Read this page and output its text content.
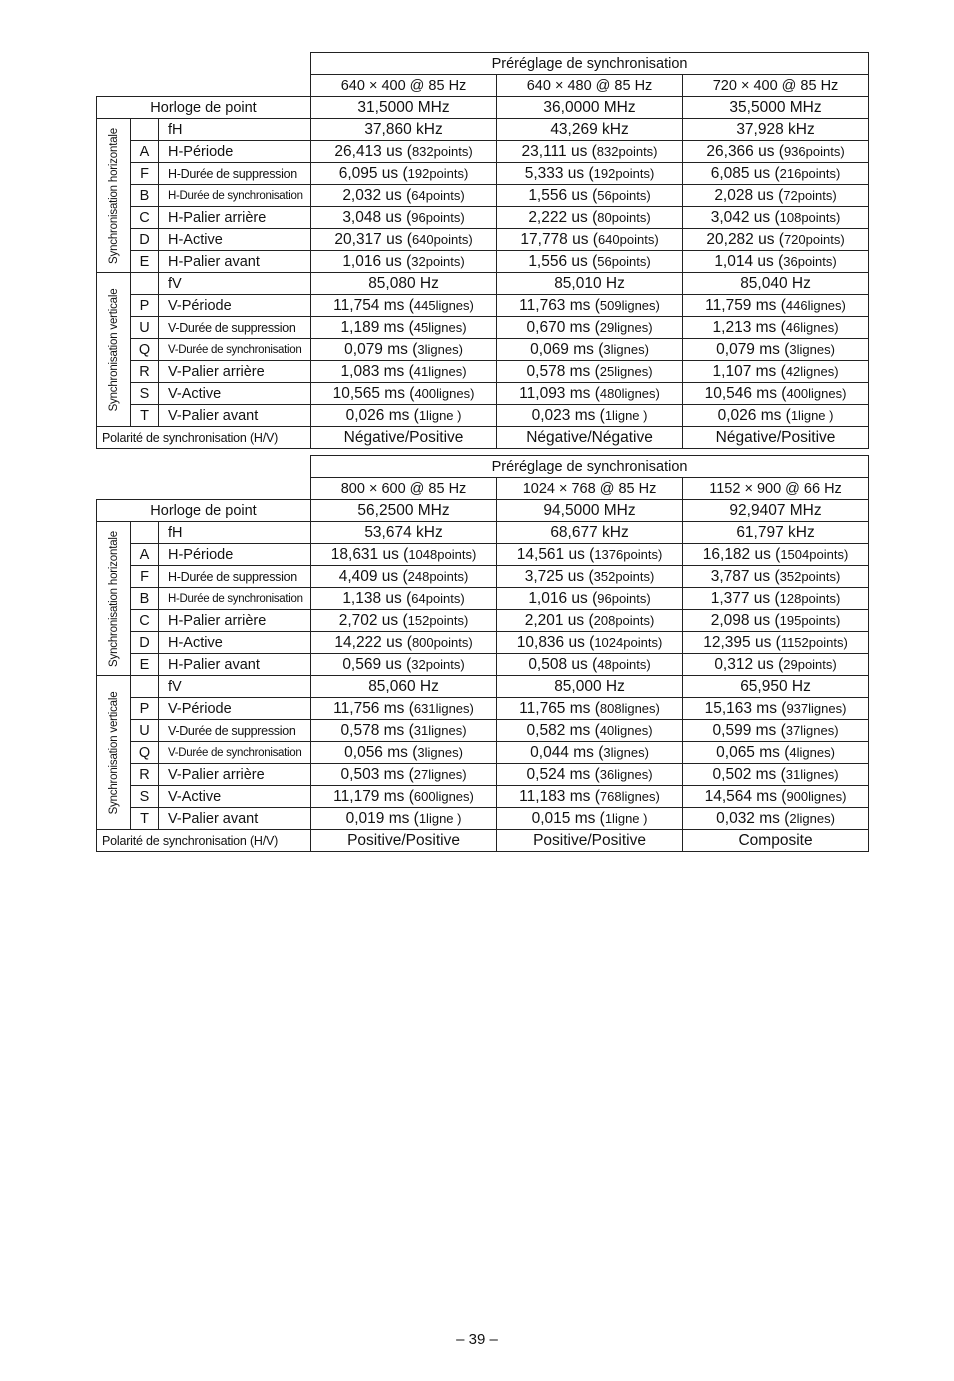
			Préréglage de synchronisation		
			640 × 400 @ 85 Hz	640 × 480 @ 85 Hz	720 × 400 @ 85 Hz
Horloge de point			31,5000 MHz	36,0000 MHz	35,5000 MHz

Synchronisation horizontale		fH	37,860 kHz	43,269 kHz	37,928 kHz
	A	H-Période	26,413 us (832points)	23,111 us (832points)	26,366 us (936points)
	F	H-Durée de suppression	6,095 us (192points)	5,333 us (192points)	6,085 us (216points)
	B	H-Durée de synchronisation	2,032 us (64points)	1,556 us (56points)	2,028 us (72points)
	C	H-Palier arrière	3,048 us (96points)	2,222 us (80points)	3,042 us (108points)
	D	H-Active	20,317 us (640points)	17,778 us (640points)	20,282 us (720points)
	E	H-Palier avant	1,016 us (32points)	1,556 us (56points)	1,014 us (36points)

Synchronisation verticale		fV	85,080 Hz	85,010 Hz	85,040 Hz
	P	V-Période	11,754 ms (445lignes)	11,763 ms (509lignes)	11,759 ms (446lignes)
	U	V-Durée de suppression	1,189 ms (45lignes)	0,670 ms (29lignes)	1,213 ms (46lignes)
	Q	V-Durée de synchronisation	0,079 ms (3lignes)	0,069 ms (3lignes)	0,079 ms (3lignes)
	R	V-Palier arrière	1,083 ms (41lignes)	0,578 ms (25lignes)	1,107 ms (42lignes)
	S	V-Active	10,565 ms (400lignes)	11,093 ms (480lignes)	10,546 ms (400lignes)
	T	V-Palier avant	0,026 ms (1ligne )	0,023 ms (1ligne )	0,026 ms (1ligne )
Polarité de synchronisation (H/V)			Négative/Positive	Négative/Négative	Négative/Positive
			Préréglage de synchronisation		
			800 × 600 @ 85 Hz	1024 × 768 @ 85 Hz	1152 × 900 @ 66 Hz
Horloge de point			56,2500 MHz	94,5000 MHz	92,9407 MHz

Synchronisation horizontale		fH	53,674 kHz	68,677 kHz	61,797 kHz
	A	H-Période	18,631 us (1048points)	14,561 us (1376points)	16,182 us (1504points)
	F	H-Durée de suppression	4,409 us (248points)	3,725 us (352points)	3,787 us (352points)
	B	H-Durée de synchronisation	1,138 us (64points)	1,016 us (96points)	1,377 us (128points)
	C	H-Palier arrière	2,702 us (152points)	2,201 us (208points)	2,098 us (195points)
	D	H-Active	14,222 us (800points)	10,836 us (1024points)	12,395 us (1152points)
	E	H-Palier avant	0,569 us (32points)	0,508 us (48points)	0,312 us (29points)

Synchronisation verticale		fV	85,060 Hz	85,000 Hz	65,950 Hz
	P	V-Période	11,756 ms (631lignes)	11,765 ms (808lignes)	15,163 ms (937lignes)
	U	V-Durée de suppression	0,578 ms (31lignes)	0,582 ms (40lignes)	0,599 ms (37lignes)
	Q	V-Durée de synchronisation	0,056 ms (3lignes)	0,044 ms (3lignes)	0,065 ms (4lignes)
	R	V-Palier arrière	0,503 ms (27lignes)	0,524 ms (36lignes)	0,502 ms (31lignes)
	S	V-Active	11,179 ms (600lignes)	11,183 ms (768lignes)	14,564 ms (900lignes)
	T	V-Palier avant	0,019 ms (1ligne )	0,015 ms (1ligne )	0,032 ms (2lignes)
Polarité de synchronisation (H/V)			Positive/Positive	Positive/Positive	Composite
– 39 –
